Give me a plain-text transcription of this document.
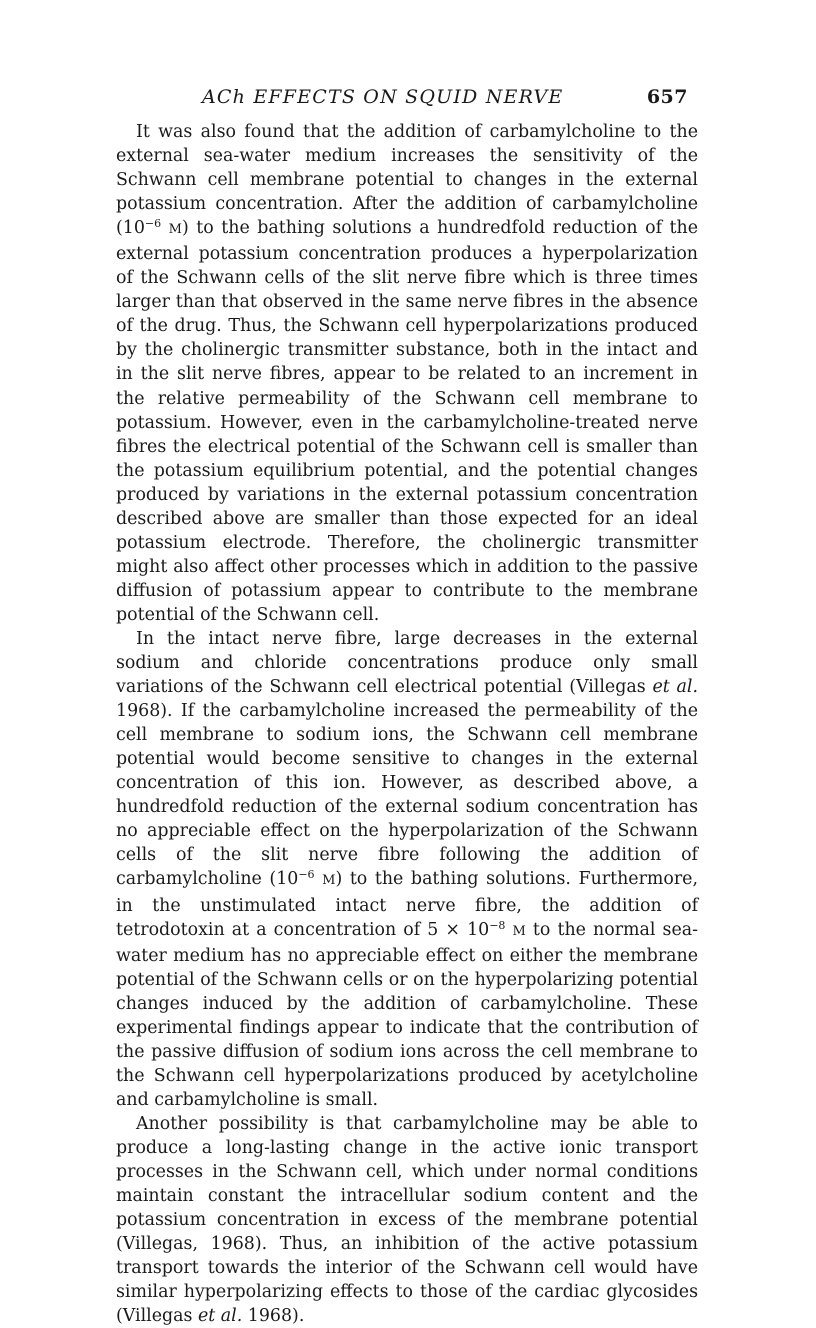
ACh EFFECTS ON SQUID NERVE	657

It was also found that the addition of carbamylcholine to the external sea-water medium increases the sensitivity of the Schwann cell membrane potential to changes in the external potassium concentration. After the addition of carbamylcholine ($10^{-6}$ M) to the bathing solutions a hundredfold reduction of the external potassium concentration produces a hyperpolarization of the Schwann cells of the slit nerve fibre which is three times larger than that observed in the same nerve fibres in the absence of the drug. Thus, the Schwann cell hyperpolarizations produced by the cholinergic transmitter substance, both in the intact and in the slit nerve fibres, appear to be related to an increment in the relative permeability of the Schwann cell membrane to potassium. However, even in the carbamylcholine-treated nerve fibres the electrical potential of the Schwann cell is smaller than the potassium equilibrium potential, and the potential changes produced by variations in the external potassium concentration described above are smaller than those expected for an ideal potassium electrode. Therefore, the cholinergic transmitter might also affect other processes which in addition to the passive diffusion of potassium appear to contribute to the membrane potential of the Schwann cell.

In the intact nerve fibre, large decreases in the external sodium and chloride concentrations produce only small variations of the Schwann cell electrical potential (Villegas et al. 1968). If the carbamylcholine increased the permeability of the cell membrane to sodium ions, the Schwann cell membrane potential would become sensitive to changes in the external concentration of this ion. However, as described above, a hundredfold reduction of the external sodium concentration has no appreciable effect on the hyperpolarization of the Schwann cells of the slit nerve fibre following the addition of carbamylcholine ($10^{-6}$ M) to the bathing solutions. Furthermore, in the unstimulated intact nerve fibre, the addition of tetrodotoxin at a concentration of $5 \times 10^{-8}$ M to the normal sea-water medium has no appreciable effect on either the membrane potential of the Schwann cells or on the hyperpolarizing potential changes induced by the addition of carbamylcholine. These experimental findings appear to indicate that the contribution of the passive diffusion of sodium ions across the cell membrane to the Schwann cell hyperpolarizations produced by acetylcholine and carbamylcholine is small.

Another possibility is that carbamylcholine may be able to produce a long-lasting change in the active ionic transport processes in the Schwann cell, which under normal conditions maintain constant the intracellular sodium content and the potassium concentration in excess of the membrane potential (Villegas, 1968). Thus, an inhibition of the active potassium transport towards the interior of the Schwann cell would have similar hyperpolarizing effects to those of the cardiac glycosides (Villegas et al. 1968).
